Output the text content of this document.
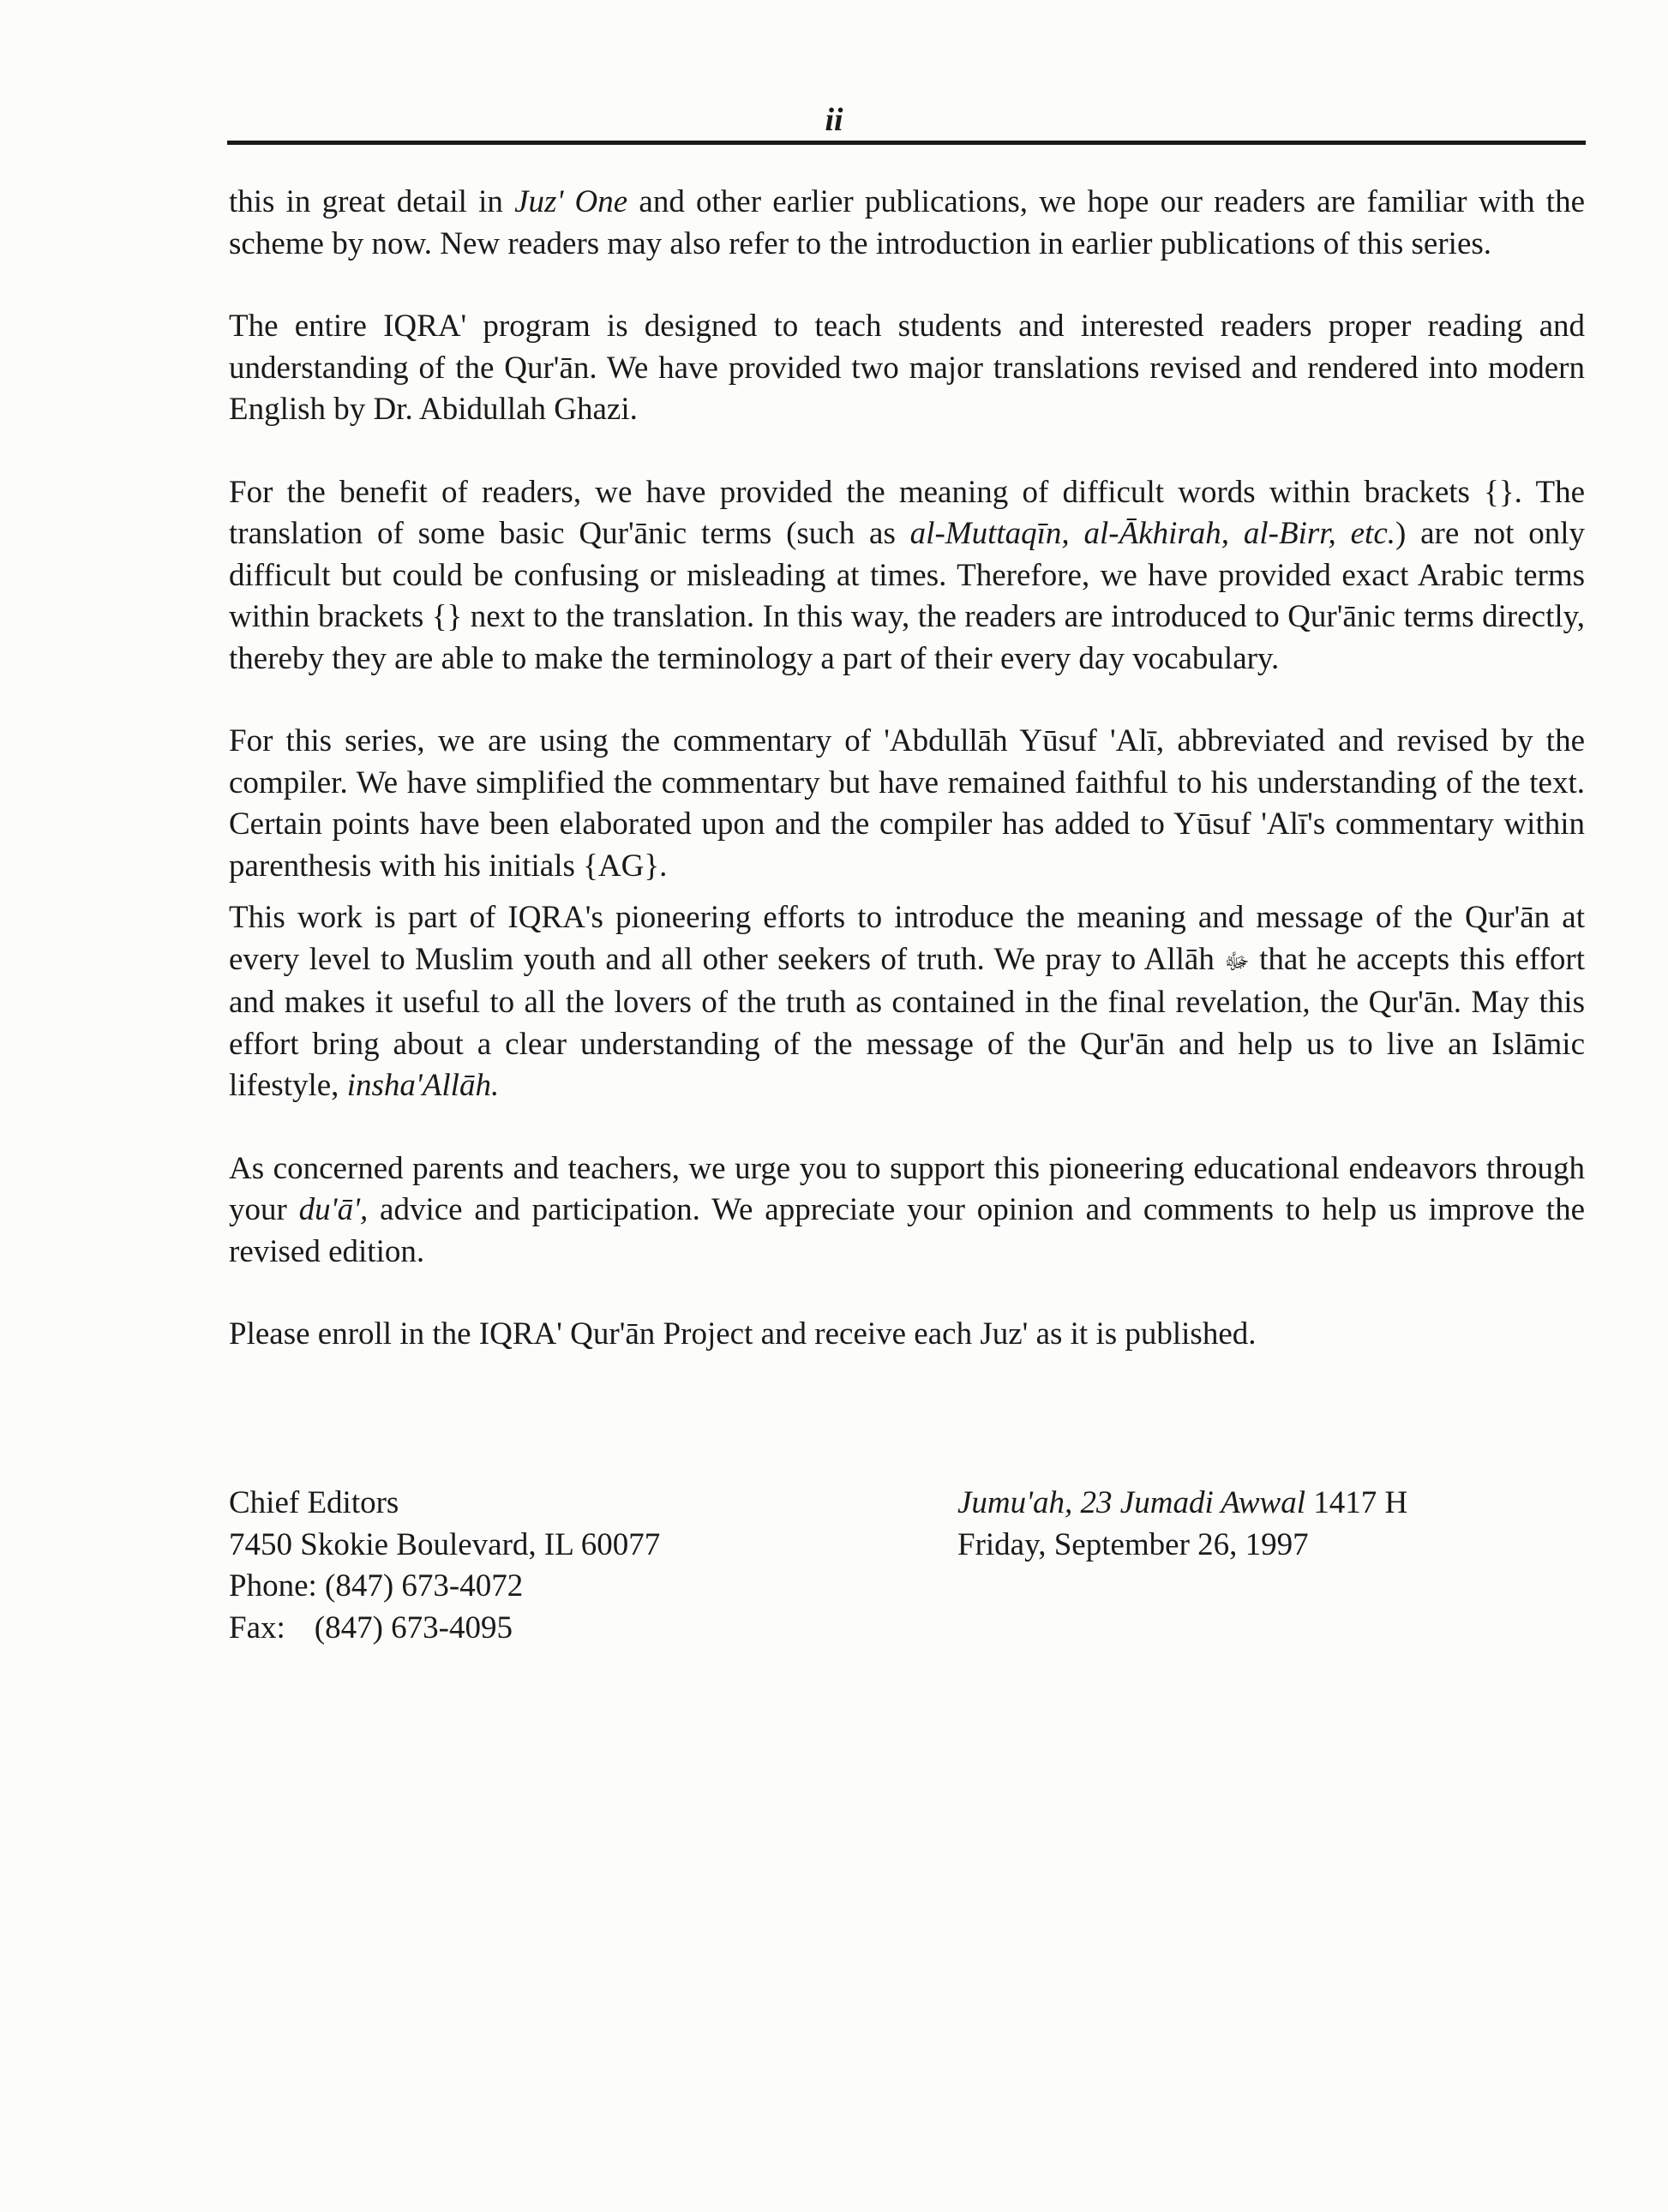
ii

this in great detail in Juz' One and other earlier publications, we hope our readers are familiar with the scheme by now. New readers may also refer to the introduction in earlier publications of this series.

The entire IQRA' program is designed to teach students and interested readers proper reading and understanding of the Qur'ān. We have provided two major translations revised and rendered into modern English by Dr. Abidullah Ghazi.

For the benefit of readers, we have provided the meaning of difficult words within brackets {}. The translation of some basic Qur'ānic terms (such as al-Muttaqīn, al-Ākhirah, al-Birr, etc.) are not only difficult but could be confusing or misleading at times. Therefore, we have provided exact Arabic terms within brackets {} next to the translation. In this way, the readers are introduced to Qur'ānic terms directly, thereby they are able to make the terminology a part of their every day vocabulary.

For this series, we are using the commentary of 'Abdullāh Yūsuf 'Alī, abbreviated and revised by the compiler. We have simplified the commentary but have remained faithful to his understanding of the text. Certain points have been elaborated upon and the compiler has added to Yūsuf 'Alī's commentary within parenthesis with his initials {AG}.

This work is part of IQRA's pioneering efforts to introduce the meaning and message of the Qur'ān at every level to Muslim youth and all other seekers of truth. We pray to Allāh ﷻ that he accepts this effort and makes it useful to all the lovers of the truth as contained in the final revelation, the Qur'ān. May this effort bring about a clear understanding of the message of the Qur'ān and help us to live an Islāmic lifestyle, insha'Allāh.

As concerned parents and teachers, we urge you to support this pioneering educational endeavors through your du'ā', advice and participation. We appreciate your opinion and comments to help us improve the revised edition.

Please enroll in the IQRA' Qur'ān Project and receive each Juz' as it is published.

Chief Editors
7450 Skokie Boulevard, IL 60077
Phone: (847) 673-4072
Fax: (847) 673-4095
Jumu'ah, 23 Jumadi Awwal 1417 H
Friday, September 26, 1997
